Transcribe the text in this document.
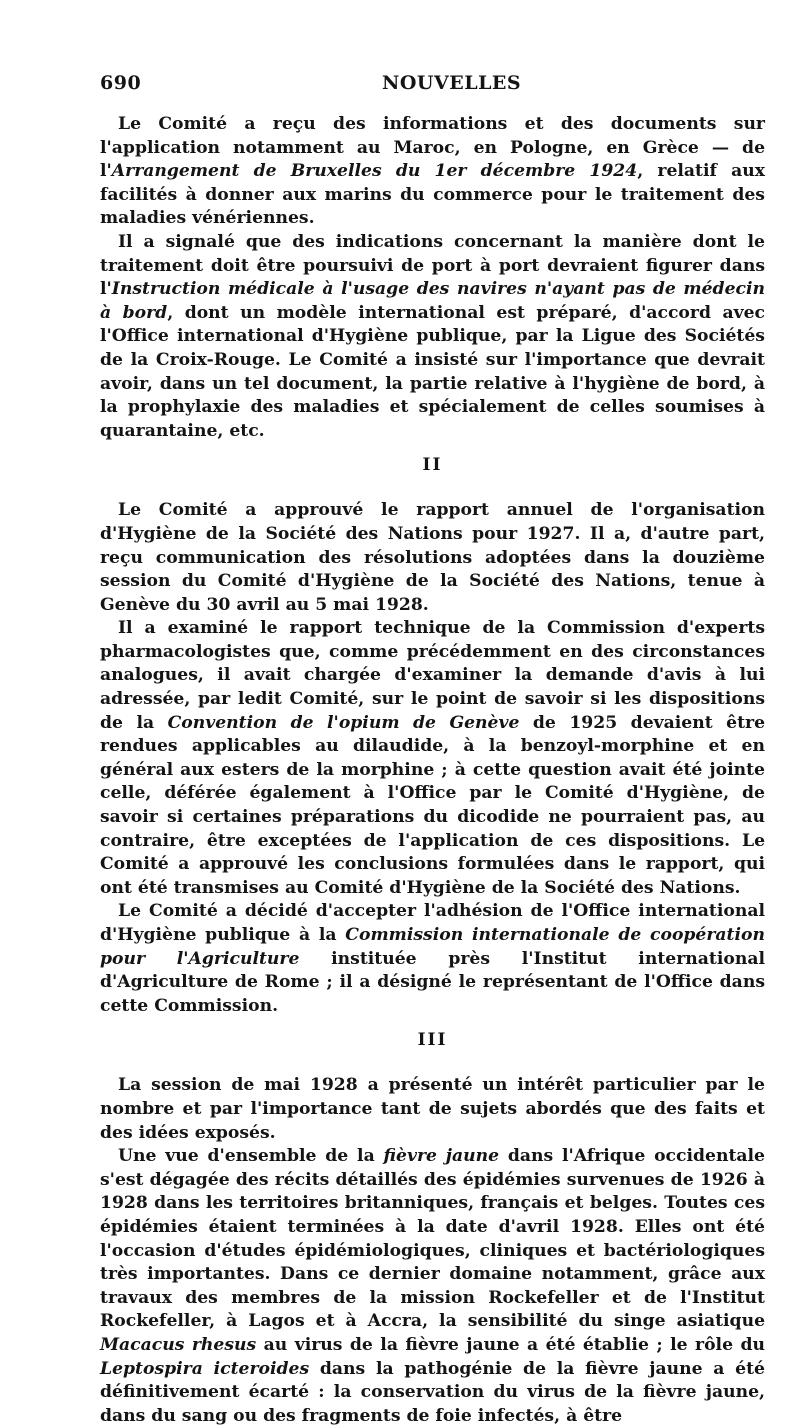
690	NOUVELLES

Le Comité a reçu des informations et des documents sur l'application notamment au Maroc, en Pologne, en Grèce — de l'Arrangement de Bruxelles du 1er décembre 1924, relatif aux facilités à donner aux marins du commerce pour le traitement des maladies vénériennes.

Il a signalé que des indications concernant la manière dont le traitement doit être poursuivi de port à port devraient figurer dans l'Instruction médicale à l'usage des navires n'ayant pas de médecin à bord, dont un modèle international est préparé, d'accord avec l'Office international d'Hygiène publique, par la Ligue des Sociétés de la Croix-Rouge. Le Comité a insisté sur l'importance que devrait avoir, dans un tel document, la partie relative à l'hygiène de bord, à la prophylaxie des maladies et spécialement de celles soumises à quarantaine, etc.

II

Le Comité a approuvé le rapport annuel de l'organisation d'Hygiène de la Société des Nations pour 1927. Il a, d'autre part, reçu communication des résolutions adoptées dans la douzième session du Comité d'Hygiène de la Société des Nations, tenue à Genève du 30 avril au 5 mai 1928.

Il a examiné le rapport technique de la Commission d'experts pharmacologistes que, comme précédemment en des circonstances analogues, il avait chargée d'examiner la demande d'avis à lui adressée, par ledit Comité, sur le point de savoir si les dispositions de la Convention de l'opium de Genève de 1925 devaient être rendues applicables au dilaudide, à la benzoyl-morphine et en général aux esters de la morphine ; à cette question avait été jointe celle, déférée également à l'Office par le Comité d'Hygiène, de savoir si certaines préparations du dicodide ne pourraient pas, au contraire, être exceptées de l'application de ces dispositions. Le Comité a approuvé les conclusions formulées dans le rapport, qui ont été transmises au Comité d'Hygiène de la Société des Nations.

Le Comité a décidé d'accepter l'adhésion de l'Office international d'Hygiène publique à la Commission internationale de coopération pour l'Agriculture instituée près l'Institut international d'Agriculture de Rome ; il a désigné le représentant de l'Office dans cette Commission.

III

La session de mai 1928 a présenté un intérêt particulier par le nombre et par l'importance tant de sujets abordés que des faits et des idées exposés.

Une vue d'ensemble de la fièvre jaune dans l'Afrique occidentale s'est dégagée des récits détaillés des épidémies survenues de 1926 à 1928 dans les territoires britanniques, français et belges. Toutes ces épidémies étaient terminées à la date d'avril 1928. Elles ont été l'occasion d'études épidémiologiques, cliniques et bactériologiques très importantes. Dans ce dernier domaine notamment, grâce aux travaux des membres de la mission Rockefeller et de l'Institut Rockefeller, à Lagos et à Accra, la sensibilité du singe asiatique Macacus rhesus au virus de la fièvre jaune a été établie ; le rôle du Leptospira icteroides dans la pathogénie de la fièvre jaune a été définitivement écarté : la conservation du virus de la fièvre jaune, dans du sang ou des fragments de foie infectés, à être
